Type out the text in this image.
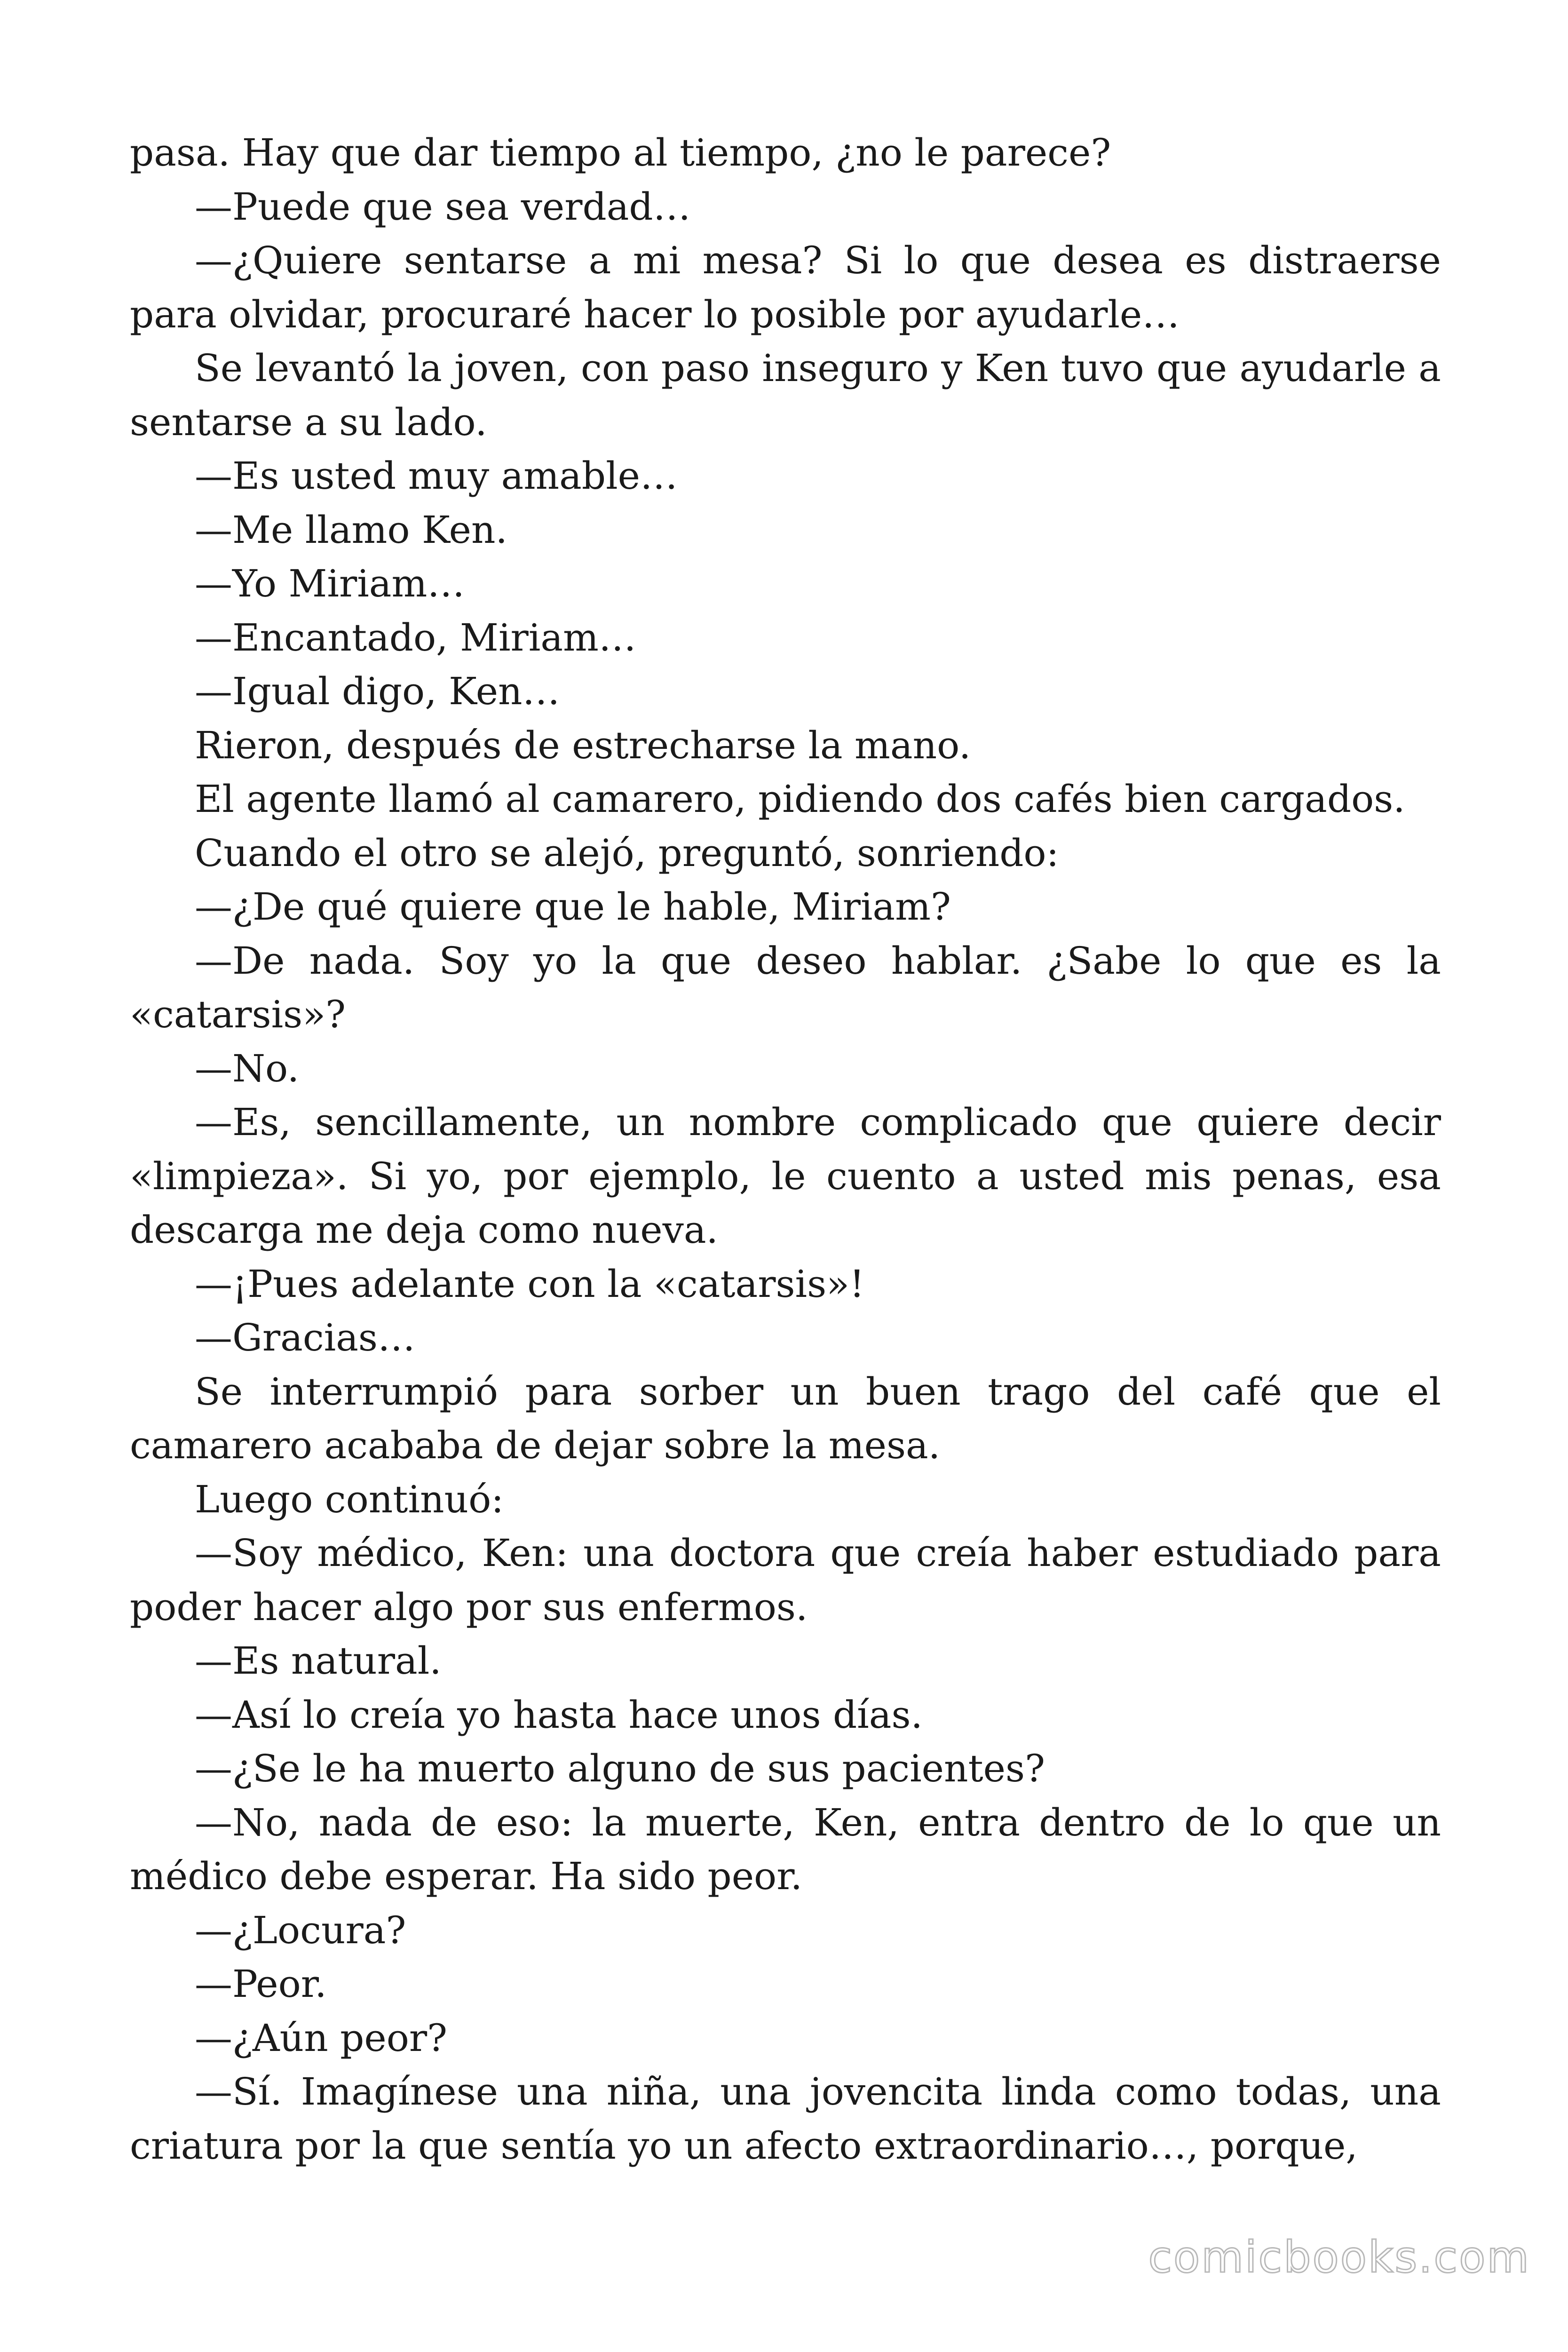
pasa. Hay que dar tiempo al tiempo, ¿no le parece?

—Puede que sea verdad…

—¿Quiere sentarse a mi mesa? Si lo que desea es distraerse para olvidar, procuraré hacer lo posible por ayudarle…

Se levantó la joven, con paso inseguro y Ken tuvo que ayudarle a sentarse a su lado.

—Es usted muy amable…

—Me llamo Ken.

—Yo Miriam…

—Encantado, Miriam…

—Igual digo, Ken…

Rieron, después de estrecharse la mano.

El agente llamó al camarero, pidiendo dos cafés bien cargados.

Cuando el otro se alejó, preguntó, sonriendo:

—¿De qué quiere que le hable, Miriam?

—De nada. Soy yo la que deseo hablar. ¿Sabe lo que es la «catarsis»?

—No.

—Es, sencillamente, un nombre complicado que quiere decir «limpieza». Si yo, por ejemplo, le cuento a usted mis penas, esa descarga me deja como nueva.

—¡Pues adelante con la «catarsis»!

—Gracias…

Se interrumpió para sorber un buen trago del café que el camarero acababa de dejar sobre la mesa.

Luego continuó:

—Soy médico, Ken: una doctora que creía haber estudiado para poder hacer algo por sus enfermos.

—Es natural.

—Así lo creía yo hasta hace unos días.

—¿Se le ha muerto alguno de sus pacientes?

—No, nada de eso: la muerte, Ken, entra dentro de lo que un médico debe esperar. Ha sido peor.

—¿Locura?

—Peor.

—¿Aún peor?

—Sí. Imagínese una niña, una jovencita linda como todas, una criatura por la que sentía yo un afecto extraordinario…, porque,

comicbooks.com
